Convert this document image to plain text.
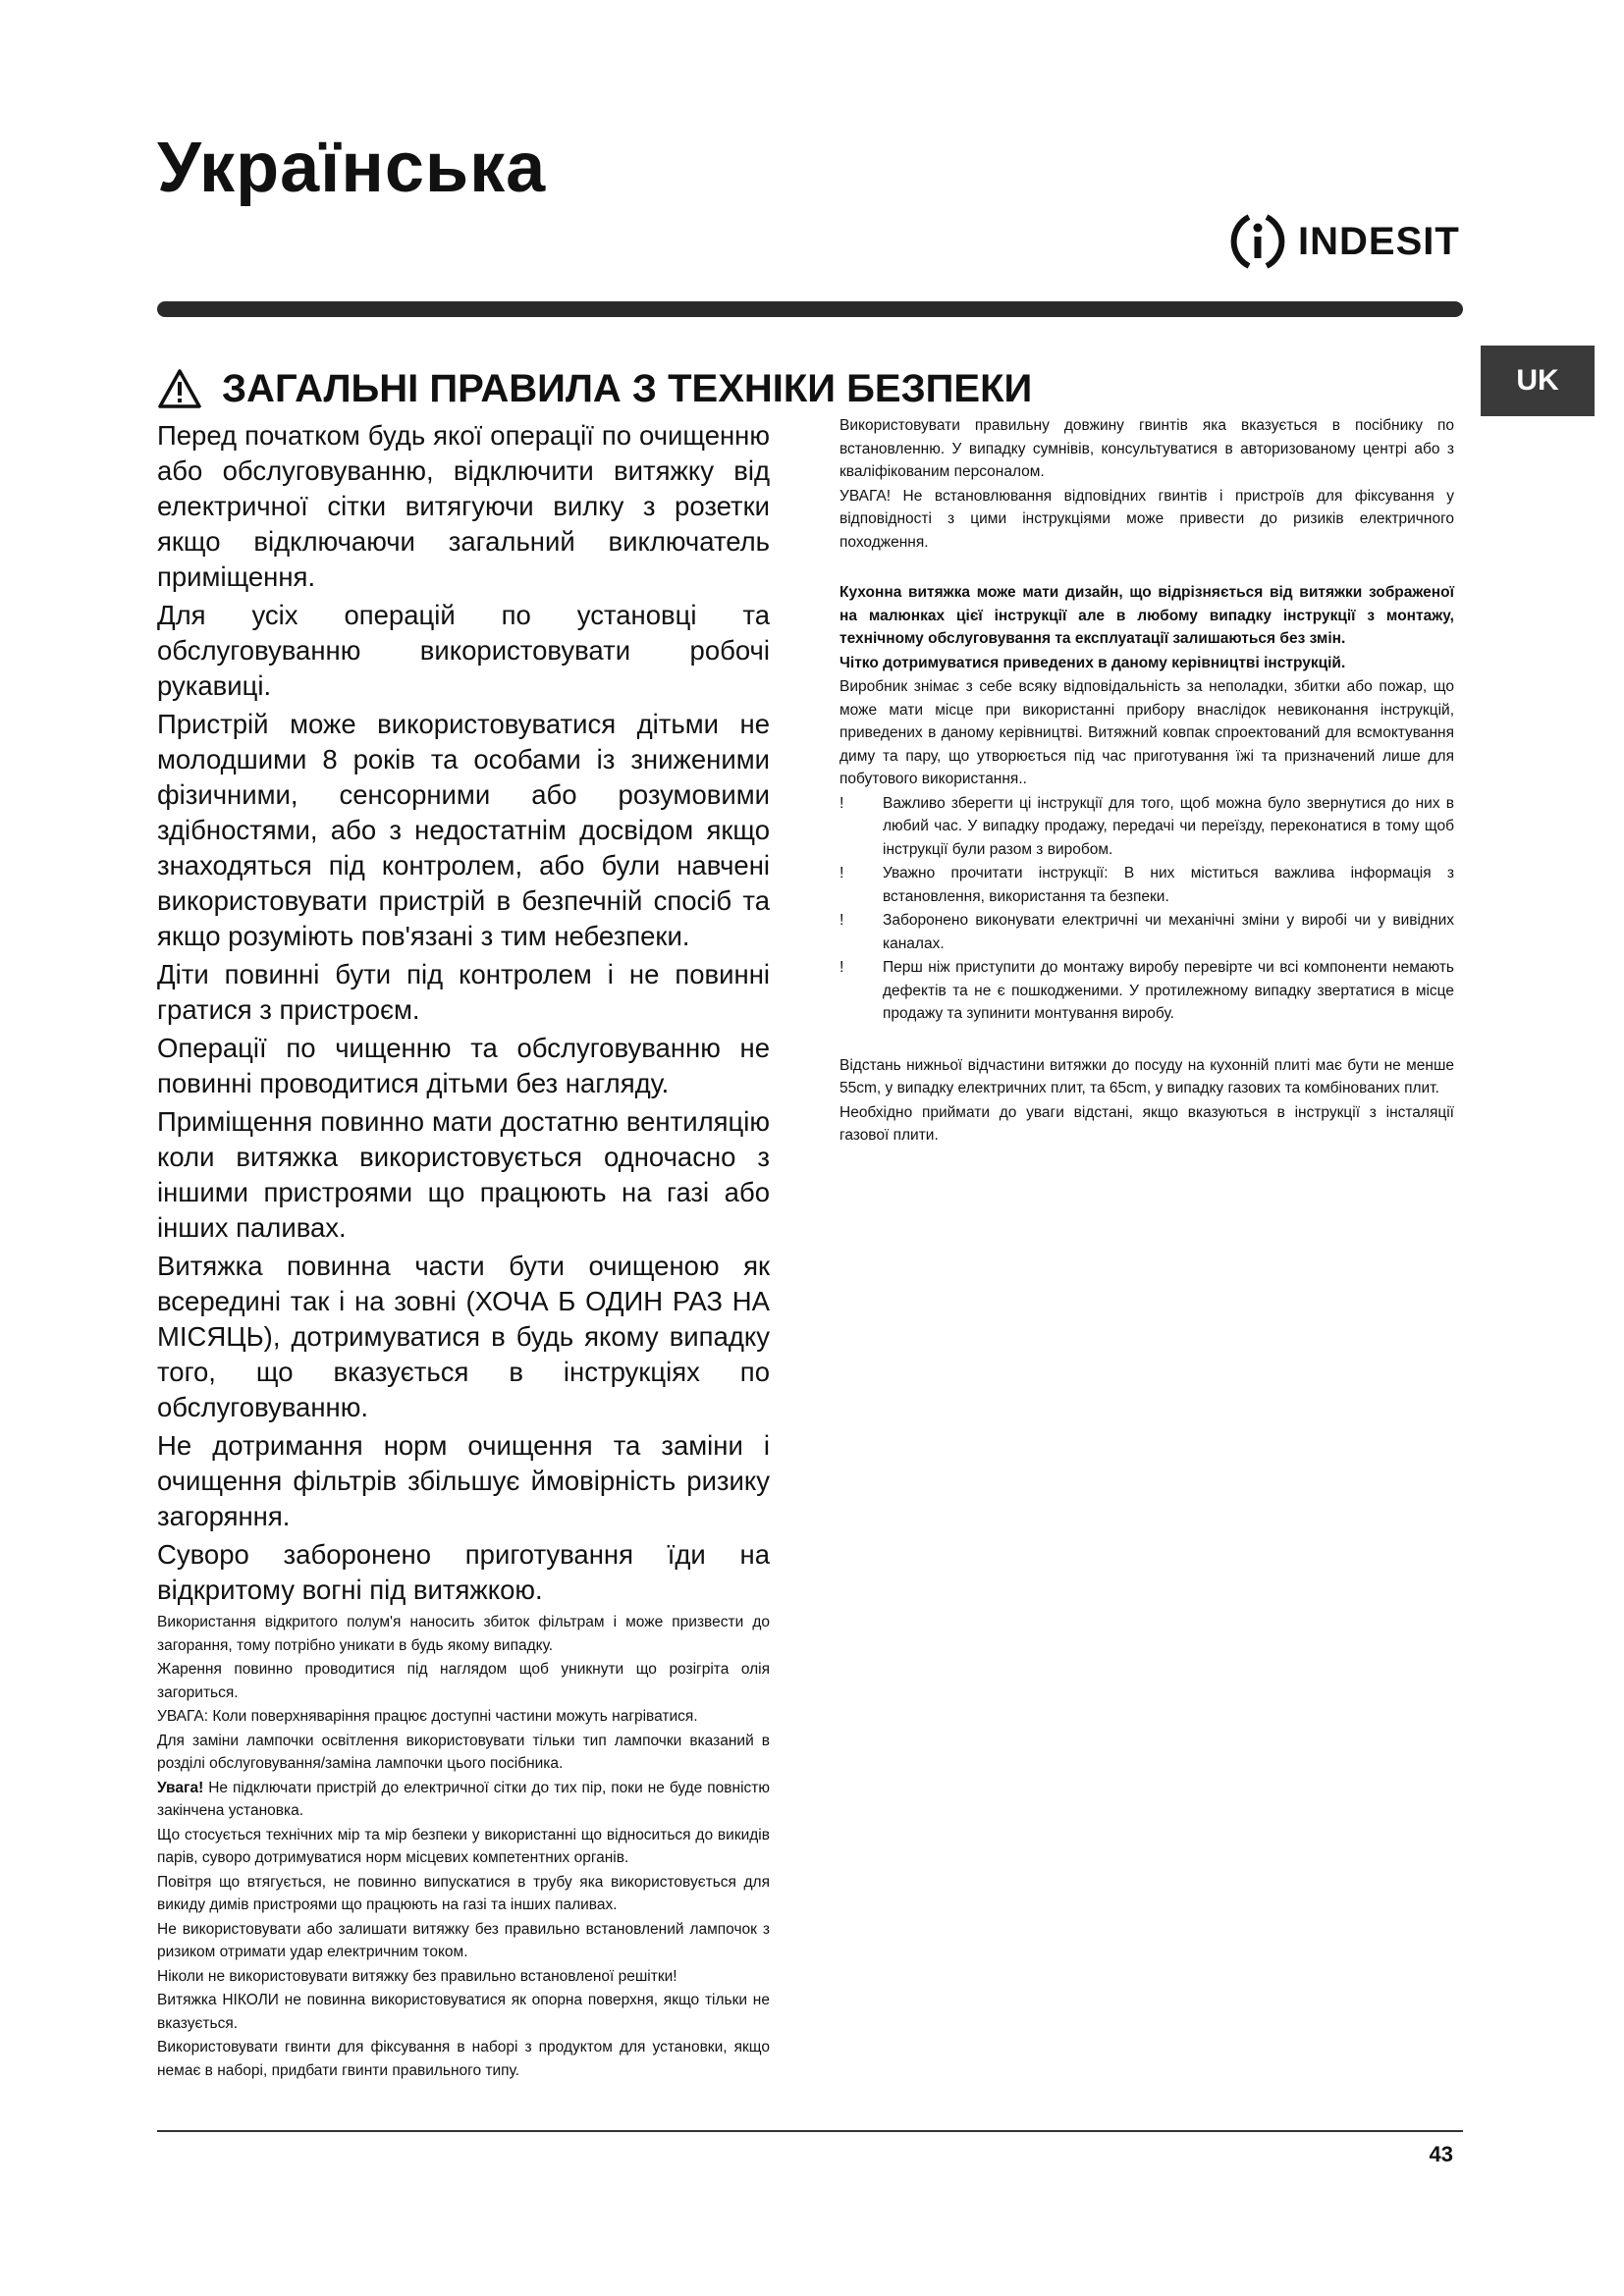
Українська
INDESIT
UK
ЗАГАЛЬНІ ПРАВИЛА З ТЕХНІКИ БЕЗПЕКИ

Перед початком будь якої операції по очищенню або обслуговуванню, відключити витяжку від електричної сітки витягуючи вилку з розетки якщо відключаючи загальний виключатель приміщення.

Для усіх операцій по установці та обслуговуванню використовувати робочі рукавиці.

Пристрій може використовуватися дітьми не молодшими 8 років та особами із зниженими фізичними, сенсорними або розумовими здібностями, або з недостатнім досвідом якщо знаходяться під контролем, або були навчені використовувати пристрій в безпечній спосіб та якщо розуміють пов'язані з тим небезпеки.

Діти повинні бути під контролем і не повинні гратися з пристроєм.

Операції по чищенню та обслуговуванню не повинні проводитися дітьми без нагляду.

Приміщення повинно мати достатню вентиляцію коли витяжка використовується одночасно з іншими пристроями що працюють на газі або інших паливах.

Витяжка повинна части бути очищеною як всередині так і на зовні (ХОЧА Б ОДИН РАЗ НА МІСЯЦЬ), дотримуватися в будь якому випадку того, що вказується в інструкціях по обслуговуванню.

Не дотримання норм очищення та заміни і очищення фільтрів збільшує ймовірність ризику загоряння.

Суворо заборонено приготування їди на відкритому вогні під витяжкою.

Використання відкритого полум'я наносить збиток фільтрам і може призвести до загорання, тому потрібно уникати в будь якому випадку.

Жарення повинно проводитися під наглядом щоб уникнути що розігріта олія загориться.

УВАГА: Коли поверхняваріння працює доступні частини можуть нагріватися.

Для заміни лампочки освітлення використовувати тільки тип лампочки вказаний в розділі обслуговування/заміна лампочки цього посібника.

Увага! Не підключати пристрій до електричної сітки до тих пір, поки не буде повністю закінчена установка.

Що стосується технічних мір та мір безпеки у використанні що відноситься до викидів парів, суворо дотримуватися норм місцевих компетентних органів.

Повітря що втягується, не повинно випускатися в трубу яка використовується для викиду димів пристроями що працюють на газі та інших паливах.

Не використовувати або залишати витяжку без правильно встановлений лампочок з ризиком отримати удар електричним током.

Ніколи не використовувати витяжку без правильно встановленої решітки!

Витяжка НІКОЛИ не повинна використовуватися як опорна поверхня, якщо тільки не вказується.

Використовувати гвинти для фіксування в наборі з продуктом для установки, якщо немає в наборі, придбати гвинти правильного типу.

Використовувати правильну довжину гвинтів яка вказується в посібнику по встановленню. У випадку сумнівів, консультуватися в авторизованому центрі або з кваліфікованим персоналом.

УВАГА! Не встановлювання відповідних гвинтів і пристроїв для фіксування у відповідності з цими інструкціями може привести до ризиків електричного походження.

Кухонна витяжка може мати дизайн, що відрізняється від витяжки зображеної на малюнках цієї інструкції але в любому випадку інструкції з монтажу, технічному обслуговування та експлуатації залишаються без змін.

Чітко дотримуватися приведених в даному керівництві інструкцій.

Виробник знімає з себе всяку відповідальність за неполадки, збитки або пожар, що може мати місце при використанні прибору внаслідок невиконання інструкцій, приведених в даному керівництві. Витяжний ковпак спроектований для всмоктування диму та пару, що утворюється під час приготування їжі та призначений лише для побутового використання..

!	Важливо зберегти ці інструкції для того, щоб можна було звернутися до них в любий час. У випадку продажу, передачі чи переїзду, переконатися в тому щоб інструкції були разом з виробом.

!	Уважно прочитати інструкції: В них міститься важлива інформація з встановлення, використання та безпеки.

!	Заборонено виконувати електричні чи механічні зміни у виробі чи у вивідних каналах.

!	Перш ніж приступити до монтажу виробу перевірте чи всі компоненти немають дефектів та не є пошкодженими. У протилежному випадку звертатися в місце продажу та зупинити монтування виробу.

Відстань нижньої відчастини витяжки до посуду на кухонній плиті має бути не менше 55cm, у випадку електричних плит, та 65cm, у випадку газових та комбінованих плит.

Необхідно приймати до уваги відстані, якщо вказуються в інструкції з інсталяції газової плити.

43
